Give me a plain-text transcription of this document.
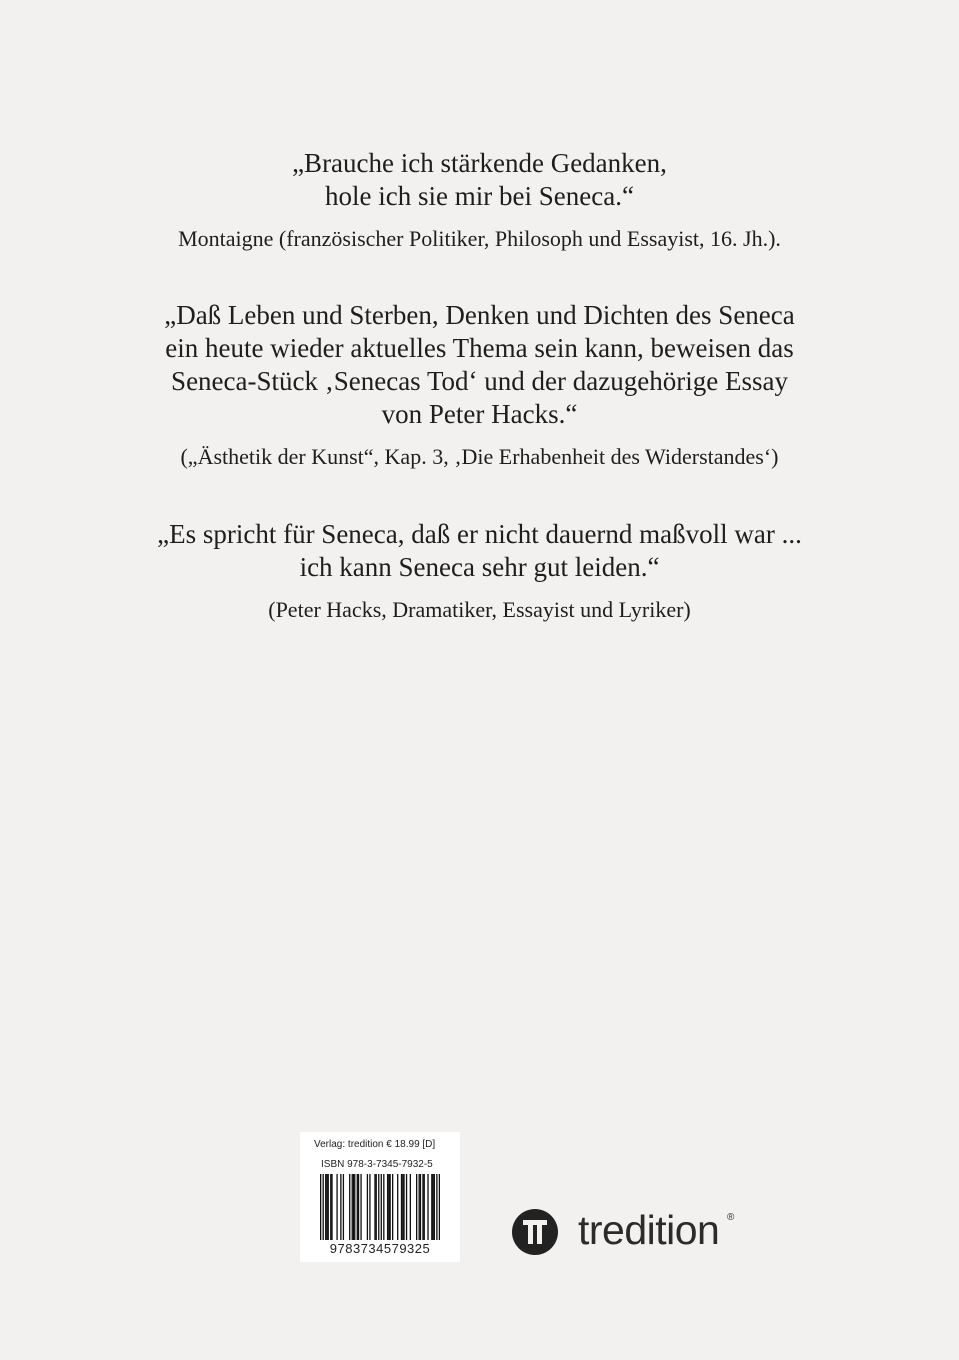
„Brauche ich stärkende Gedanken,
hole ich sie mir bei Seneca.“
Montaigne (französischer Politiker, Philosoph und Essayist, 16. Jh.).
„Daß Leben und Sterben, Denken und Dichten des Seneca
ein heute wieder aktuelles Thema sein kann, beweisen das
Seneca-Stück ‚Senecas Tod‘ und der dazugehörige Essay
von Peter Hacks.“
(„Ästhetik der Kunst“, Kap. 3, ‚Die Erhabenheit des Widerstandes‘)
„Es spricht für Seneca, daß er nicht dauernd maßvoll war ...
ich kann Seneca sehr gut leiden.“
(Peter Hacks, Dramatiker, Essayist und Lyriker)
Verlag: tredition € 18.99 [D]
ISBN 978-3-7345-7932-5
9783734579325	tredition ®
